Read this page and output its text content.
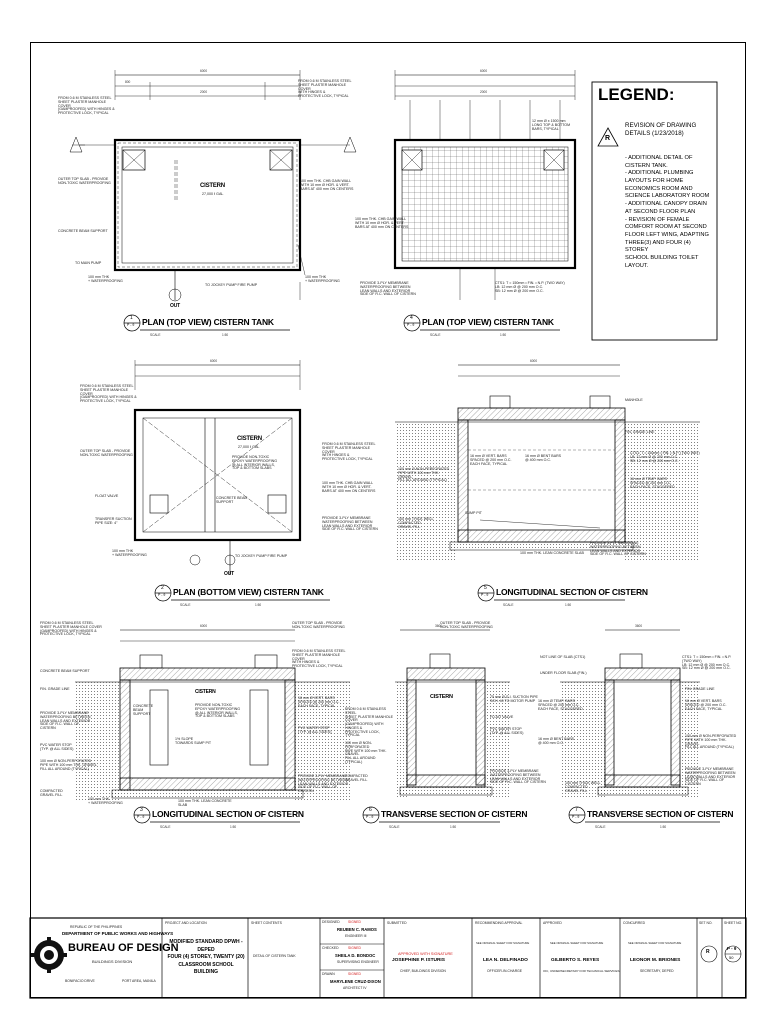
FROM 0.6 M STAINLESS STEEL
SHEET PLASTER MANHOLE COVER
(GAMPROOFED) WITH HINGES &
PROTECTIVE LOCK, TYPICAL
FROM 0.6 M STAINLESS STEEL
SHEET PLASTER MANHOLE COVER
WITH HINGES &
PROTECTIVE LOCK, TYPICAL
OUTER TOP SLAB - PROVIDE
NON-TOXIC WATERPROOFING
CONCRETE BEAM SUPPORT
TO MAIN PUMP
100 mm THK
+ WATERPROOFING
TO JOCKEY PUMP FIRE PUMP
100 mm THK. CHB GAIN WALL
WITH 10 mm Ø HOR. & VERT.
BARS AT 400 mm ON CENTERS
100 mm THK
+ WATERPROOFING
CISTERN
27,000 ℓ GAL
OUT
12 mm Ø x 1500 mm
LONG TOP & BOTTOM
BARS, TYPICAL
100 mm THK. CHB GAIN WALL
WITH 10 mm Ø HOR. & VERT.
BARS AT 400 mm ON CENTERS
PROVIDE 3-PLY MEMBRANE
WATERPROOFING BETWEEN
LEAN WALLS AND EXTERIOR
SIDE OF R.C. WALL OF CISTERN
CTS1: T = 150mm • FIN. • N.P. (TWO WAY)
LB: 12 mm Ø @ 200 mm O.C.
SB: 12 mm Ø @ 200 mm O.C.
FROM 0.6 M STAINLESS STEEL
SHEET PLASTER MANHOLE COVER
(GAMPROOFED) WITH HINGES &
PROTECTIVE LOCK, TYPICAL
OUTER TOP SLAB - PROVIDE
NON-TOXIC WATERPROOFING
FLOAT VALVE
TRANSFER SUCTION
PIPE SIZE: 4"
100 mm THK
+ WATERPROOFING
PROVIDE NON-TOXIC
EPOXY WATERPROOFING
@ ALL INTERIOR WALLS,
TOP & BOTTOM SLABS
CONCRETE BEAM
SUPPORT
FROM 0.6 M STAINLESS STEEL
SHEET PLASTER MANHOLE COVER
WITH HINGES &
PROTECTIVE LOCK, TYPICAL
100 mm THK. CHB GAIN WALL
WITH 10 mm Ø HOR. & VERT.
BARS AT 400 mm ON CENTERS
PROVIDE 3-PLY MEMBRANE
WATERPROOFING BETWEEN
LEAN WALLS AND EXTERIOR
SIDE OF R.C. WALL OF CISTERN
TO JOCKEY PUMP FIRE PUMP
CISTERN
27,000 ℓ GAL
OUT
FIN. GRADE LINE
MANHOLE
CTS1: T = 150mm • FIN. • N.P. (TWO WAY)
LB: 12 mm Ø @ 200 mm O.C.
SB: 12 mm Ø @ 200 mm O.C.
16 mm Ø TEMP. BARS
SPACED @ 200 mm O.C.
EACH FACE, STAGGERED
16 mm Ø VERT. BARS
SPACED @ 200 mm O.C.
EACH FACE, TYPICAL
16 mm Ø BENT BARS
@ 400 mm O.C.
100 mm Ø NON-PERFORATED
PIPE WITH 100 mm THK. GRAVEL
FILL ALL AROUND (TYPICAL)
100 mm THICK WELL COMPACTED
GRAVEL FILL
SUMP PIT
100 mm THK. LEAN CONCRETE SLAB
PROVIDE 3-PLY MEMBRANE
WATERPROOFING BETWEEN
LEAN WALLS AND EXTERIOR
SIDE OF R.C. WALL OF CISTERN
FROM 0.6 M STAINLESS STEEL
SHEET PLASTER MANHOLE COVER
(GAMPROOFED) WITH HINGES &
PROTECTIVE LOCK, TYPICAL
CONCRETE BEAM SUPPORT
FIN. GRADE LINE
PROVIDE 3-PLY MEMBRANE
WATERPROOFING BETWEEN
LEAN WALLS AND EXTERIOR
SIDE OF R.C. WALL OF CISTERN
PVC WATER STOP
(TYP. @ ALL SIDES)
100 mm Ø NON-PERFORATED
PIPE WITH 100 mm THK. GRAVEL
FILL ALL AROUND (TYPICAL)
COMPACTED
GRAVEL FILL
100 mm THK
+ WATERPROOFING	100 mm THK. LEAN CONCRETE SLAB
CONCRETE BEAM
SUPPORT
PROVIDE NON-TOXIC
EPOXY WATERPROOFING
@ ALL INTERIOR WALLS,
TOP & BOTTOM SLABS
1% SLOPE
TOWARDS SUMP PIT
OUTER TOP SLAB - PROVIDE
NON-TOXIC WATERPROOFING
FROM 0.6 M STAINLESS STEEL
SHEET PLASTER MANHOLE COVER
WITH HINGES &
PROTECTIVE LOCK, TYPICAL
16 mm Ø VERT. BARS
SPACED @ 200 mm O.C.
EACH FACE, TYPICAL
PVC WATER STOP
(TYP. @ ALL SIDES)
PROVIDE 3-PLY MEMBRANE
WATERPROOFING BETWEEN
LEAN WALLS AND EXTERIOR
SIDE OF R.C. WALL OF CISTERN
CISTERN
OUTER TOP SLAB - PROVIDE
NON-TOXIC WATERPROOFING
FROM 0.6 M STAINLESS STEEL
SHEET PLASTER MANHOLE COVER
(GAMPROOFED) WITH HINGES &
PROTECTIVE LOCK, TYPICAL
100 mm Ø NON-PERFORATED
PIPE WITH 100 mm THK. GRAVEL
FILL ALL AROUND (TYPICAL)
COMPACTED
GRAVEL FILL
75 mm Ø G.I. SUCTION PIPE
SCH. 40 TO MOTOR PUMP
FLOAT VALVE
PVC WATER STOP
(TYP. @ ALL SIDES)
PROVIDE 3-PLY MEMBRANE
WATERPROOFING BETWEEN
LEAN WALLS AND EXTERIOR
SIDE OF R.C. WALL OF CISTERN
CISTERN
NOT LINE OF SLAB (CTS1)
UNDER FLOOR SLAB (FIN.)
CTS1: T = 150mm • FIN. • N.P. (TWO WAY)
LB: 12 mm Ø @ 200 mm O.C.
SB: 12 mm Ø @ 200 mm O.C.
FIN. GRADE LINE
16 mm Ø VERT. BARS
SPACED @ 200 mm O.C.
EACH FACE, TYPICAL
16 mm Ø TEMP. BARS
SPACED @ 200 mm O.C.
EACH FACE, STAGGERED
16 mm Ø BENT BARS
@ 400 mm O.C.
100 mm Ø NON-PERFORATED
PIPE WITH 100 mm THK. GRAVEL
FILL ALL AROUND (TYPICAL)
PROVIDE 3-PLY MEMBRANE
WATERPROOFING BETWEEN
LEAN WALLS AND EXTERIOR
SIDE OF R.C. WALL OF CISTERN
100 mm THICK WELL COMPACTED
GRAVEL FILL
6000
800
2000
6000
2000
6000	6000
6000	3600	3600
PLAN (TOP VIEW) CISTERN TANK	PLAN (TOP VIEW) CISTERN TANK
PLAN (BOTTOM VIEW) CISTERN TANK	LONGITUDINAL SECTION OF CISTERN
LONGITUDINAL SECTION OF CISTERN	TRANSVERSE SECTION OF CISTERN	TRANSVERSE SECTION OF CISTERN
1
P - 9
4
P - 9
2
P - 9
5
P - 9
3
P - 9
6
P - 9
7
P - 9
SCALE	1:50	SCALE	1:50
SCALE	1:50	SCALE	1:50
SCALE	1:50	SCALE	1:50	SCALE	1:50
LEGEND:
R
REVISION OF DRAWING
DETAILS (1/23/2018)
- ADDITIONAL DETAIL OF
CISTERN TANK.
- ADDITIONAL PLUMBING
LAYOUTS FOR HOME
ECONOMICS ROOM AND
SCIENCE LABORATORY ROOM
- ADDITIONAL CANOPY DRAIN
AT SECOND FLOOR PLAN
- REVISION OF FEMALE
COMFORT ROOM AT SECOND
FLOOR LEFT WING, ADAPTING
THREE(3) AND FOUR (4) STOREY
SCHOOL BUILDING TOILET LAYOUT.
REPUBLIC OF THE PHILIPPINES
DEPARTMENT OF PUBLIC WORKS AND HIGHWAYS
BUREAU OF DESIGN
BUILDINGS DIVISION
BONIFACIO DRIVE	PORT AREA, MANILA
PROJECT AND LOCATION
MODIFIED STANDARD DPWH - DEPED
FOUR (4) STOREY, TWENTY (20)
CLASSROOM SCHOOL BUILDING
SHEET CONTENTS
DETAIL OF CISTERN TANK
DESIGNED SIGNED
REUBEN C. RAMOS
ENGINEER III
CHECKED	SIGNED
SHEILA D. BONDOC
SUPERVISING ENGINEER
DRAWN	SIGNED
MARYLENE CRUZ-DIXON
ARCHITECT IV
SUBMITTED
APPROVED WITH SIGNATURE
JOSEPHINE P. ISTURIS
CHIEF, BUILDINGS DIVISION
RECOMMENDING APPROVAL
SEE ORIGINAL SHEET FOR SIGNATURE
LEA N. DELFINADO
OFFICER-IN-CHARGE
APPROVED
SEE ORIGINAL SHEET FOR SIGNATURE
GILBERTO S. REYES
OIC, UNDERSECRETARY FOR TECHNICAL SERVICES
CONCURRED
SEE ORIGINAL SHEET FOR SIGNATURE
LEONOR M. BRIONES
SECRETARY, DEPED
SET NO.	SHEET NO.
R
P - 9
50
